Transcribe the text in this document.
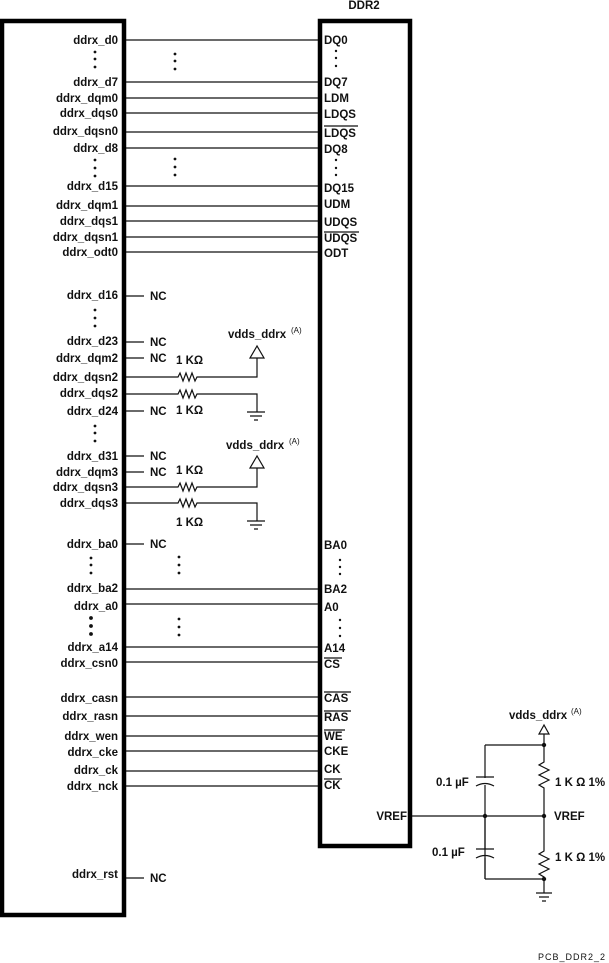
DDR2
ddrx_d0
ddrx_d7
ddrx_dqm0
ddrx_dqs0
ddrx_dqsn0
ddrx_d8
ddrx_d15
ddrx_dqm1
ddrx_dqs1
ddrx_dqsn1
ddrx_odt0
ddrx_d16
ddrx_d23
ddrx_dqm2
ddrx_dqsn2
ddrx_dqs2
ddrx_d24
ddrx_d31
ddrx_dqm3
ddrx_dqsn3
ddrx_dqs3
ddrx_ba0
ddrx_ba2
ddrx_a0
ddrx_a14
ddrx_csn0
ddrx_casn
ddrx_rasn
ddrx_wen
ddrx_cke
ddrx_ck
ddrx_nck
ddrx_rst
NC
NC
NC
NC
NC
NC
NC
NC
1 KΩ
1 KΩ
1 KΩ
1 KΩ
vdds_ddrx (A)
vdds_ddrx (A)
DQ0
DQ7
LDM
LDQS
LDQS
DQ8
DQ15
UDM
UDQS
UDQS
ODT
BA0
BA2
A0
A14
CS
CAS
RAS
WE
CKE
CK
CK
VREF
vdds_ddrx (A)
0.1 µF
0.1 µF
1 K Ω 1%
1 K Ω 1%
VREF
PCB_DDR2_2
